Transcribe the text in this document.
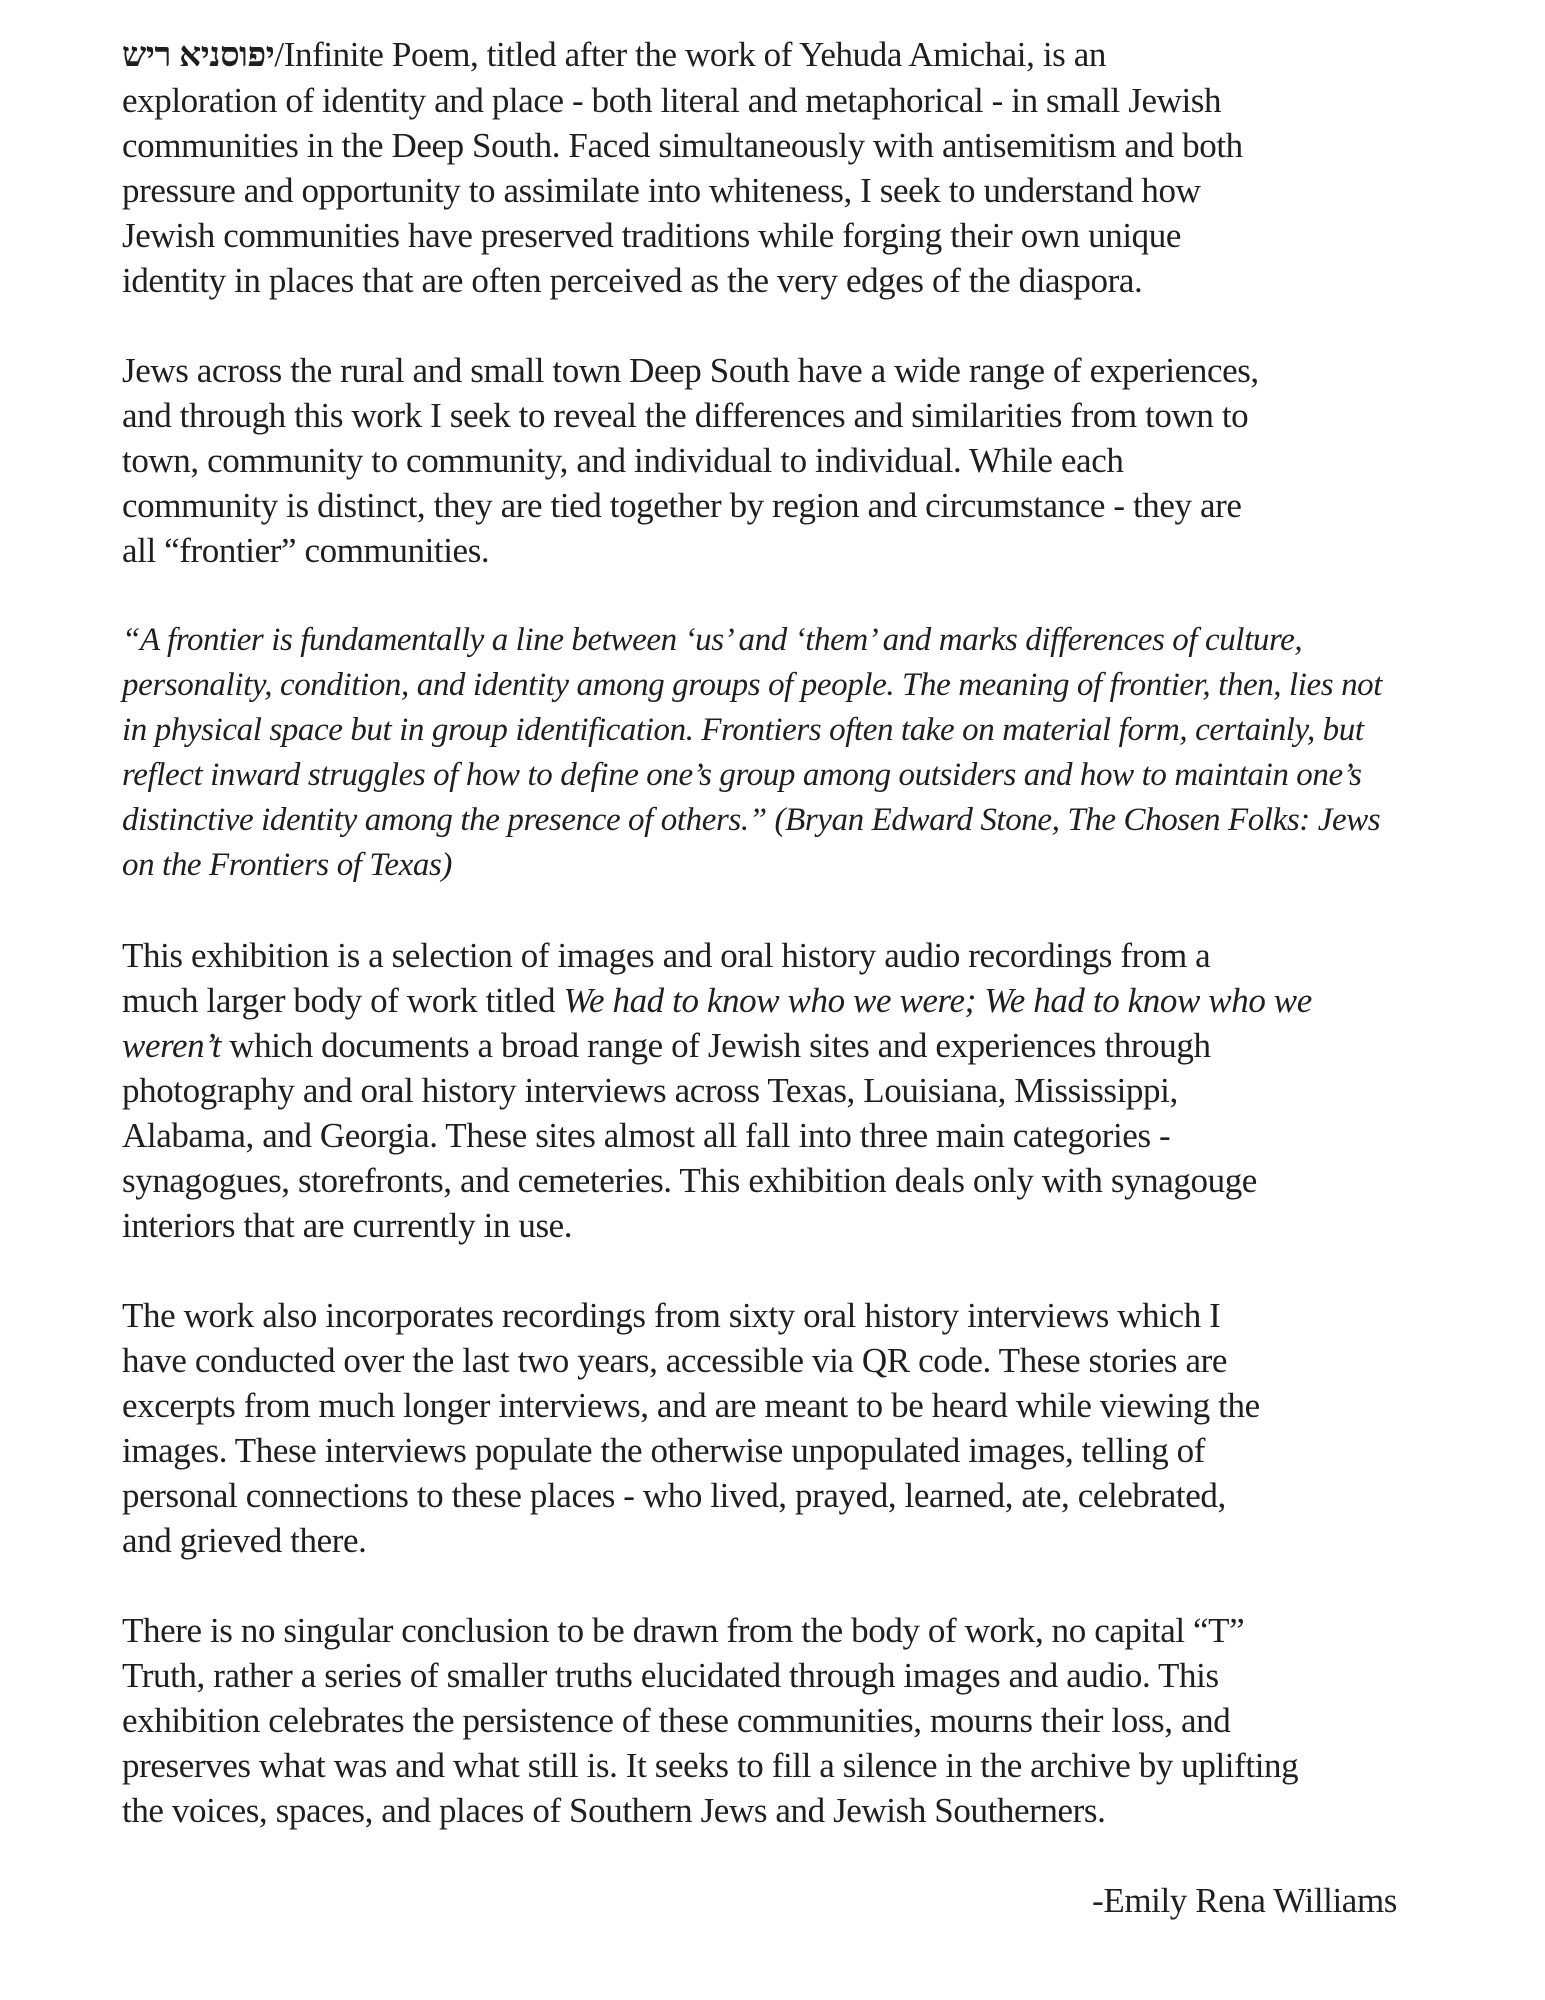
שיר אינסופי/Infinite Poem, titled after the work of Yehuda Amichai, is an
exploration of identity and place - both literal and metaphorical - in small Jewish
communities in the Deep South. Faced simultaneously with antisemitism and both
pressure and opportunity to assimilate into whiteness, I seek to understand how
Jewish communities have preserved traditions while forging their own unique
identity in places that are often perceived as the very edges of the diaspora.

Jews across the rural and small town Deep South have a wide range of experiences,
and through this work I seek to reveal the differences and similarities from town to
town, community to community, and individual to individual. While each
community is distinct, they are tied together by region and circumstance - they are
all “frontier” communities.

“A frontier is fundamentally a line between ‘us’ and ‘them’ and marks differences of culture,
personality, condition, and identity among groups of people. The meaning of frontier, then, lies not
in physical space but in group identification. Frontiers often take on material form, certainly, but
reflect inward struggles of how to define one’s group among outsiders and how to maintain one’s
distinctive identity among the presence of others.” (Bryan Edward Stone, The Chosen Folks: Jews
on the Frontiers of Texas)

This exhibition is a selection of images and oral history audio recordings from a
much larger body of work titled We had to know who we were; We had to know who we
weren’t which documents a broad range of Jewish sites and experiences through
photography and oral history interviews across Texas, Louisiana, Mississippi,
Alabama, and Georgia. These sites almost all fall into three main categories -
synagogues, storefronts, and cemeteries. This exhibition deals only with synagouge
interiors that are currently in use.

The work also incorporates recordings from sixty oral history interviews which I
have conducted over the last two years, accessible via QR code. These stories are
excerpts from much longer interviews, and are meant to be heard while viewing the
images. These interviews populate the otherwise unpopulated images, telling of
personal connections to these places - who lived, prayed, learned, ate, celebrated,
and grieved there.

There is no singular conclusion to be drawn from the body of work, no capital “T”
Truth, rather a series of smaller truths elucidated through images and audio. This
exhibition celebrates the persistence of these communities, mourns their loss, and
preserves what was and what still is. It seeks to fill a silence in the archive by uplifting
the voices, spaces, and places of Southern Jews and Jewish Southerners.

-Emily Rena Williams
